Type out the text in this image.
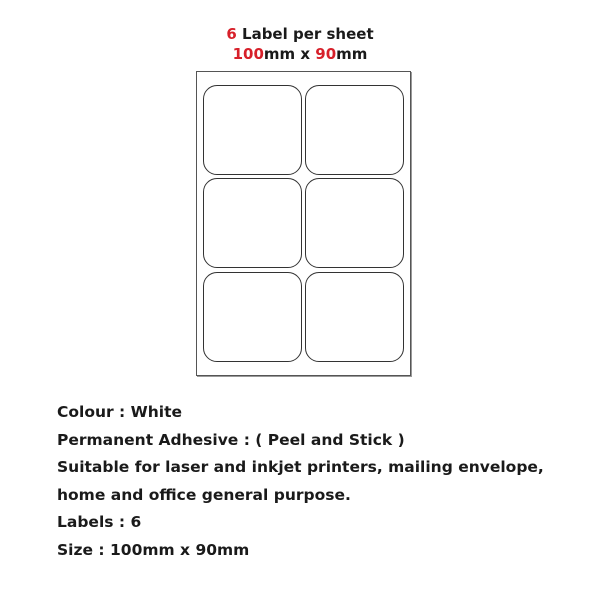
6 Label per sheet
100mm x 90mm
Colour : White
Permanent Adhesive : ( Peel and Stick )
Suitable for laser and inkjet printers, mailing envelope,
home and office general purpose.
Labels : 6
Size : 100mm x 90mm
